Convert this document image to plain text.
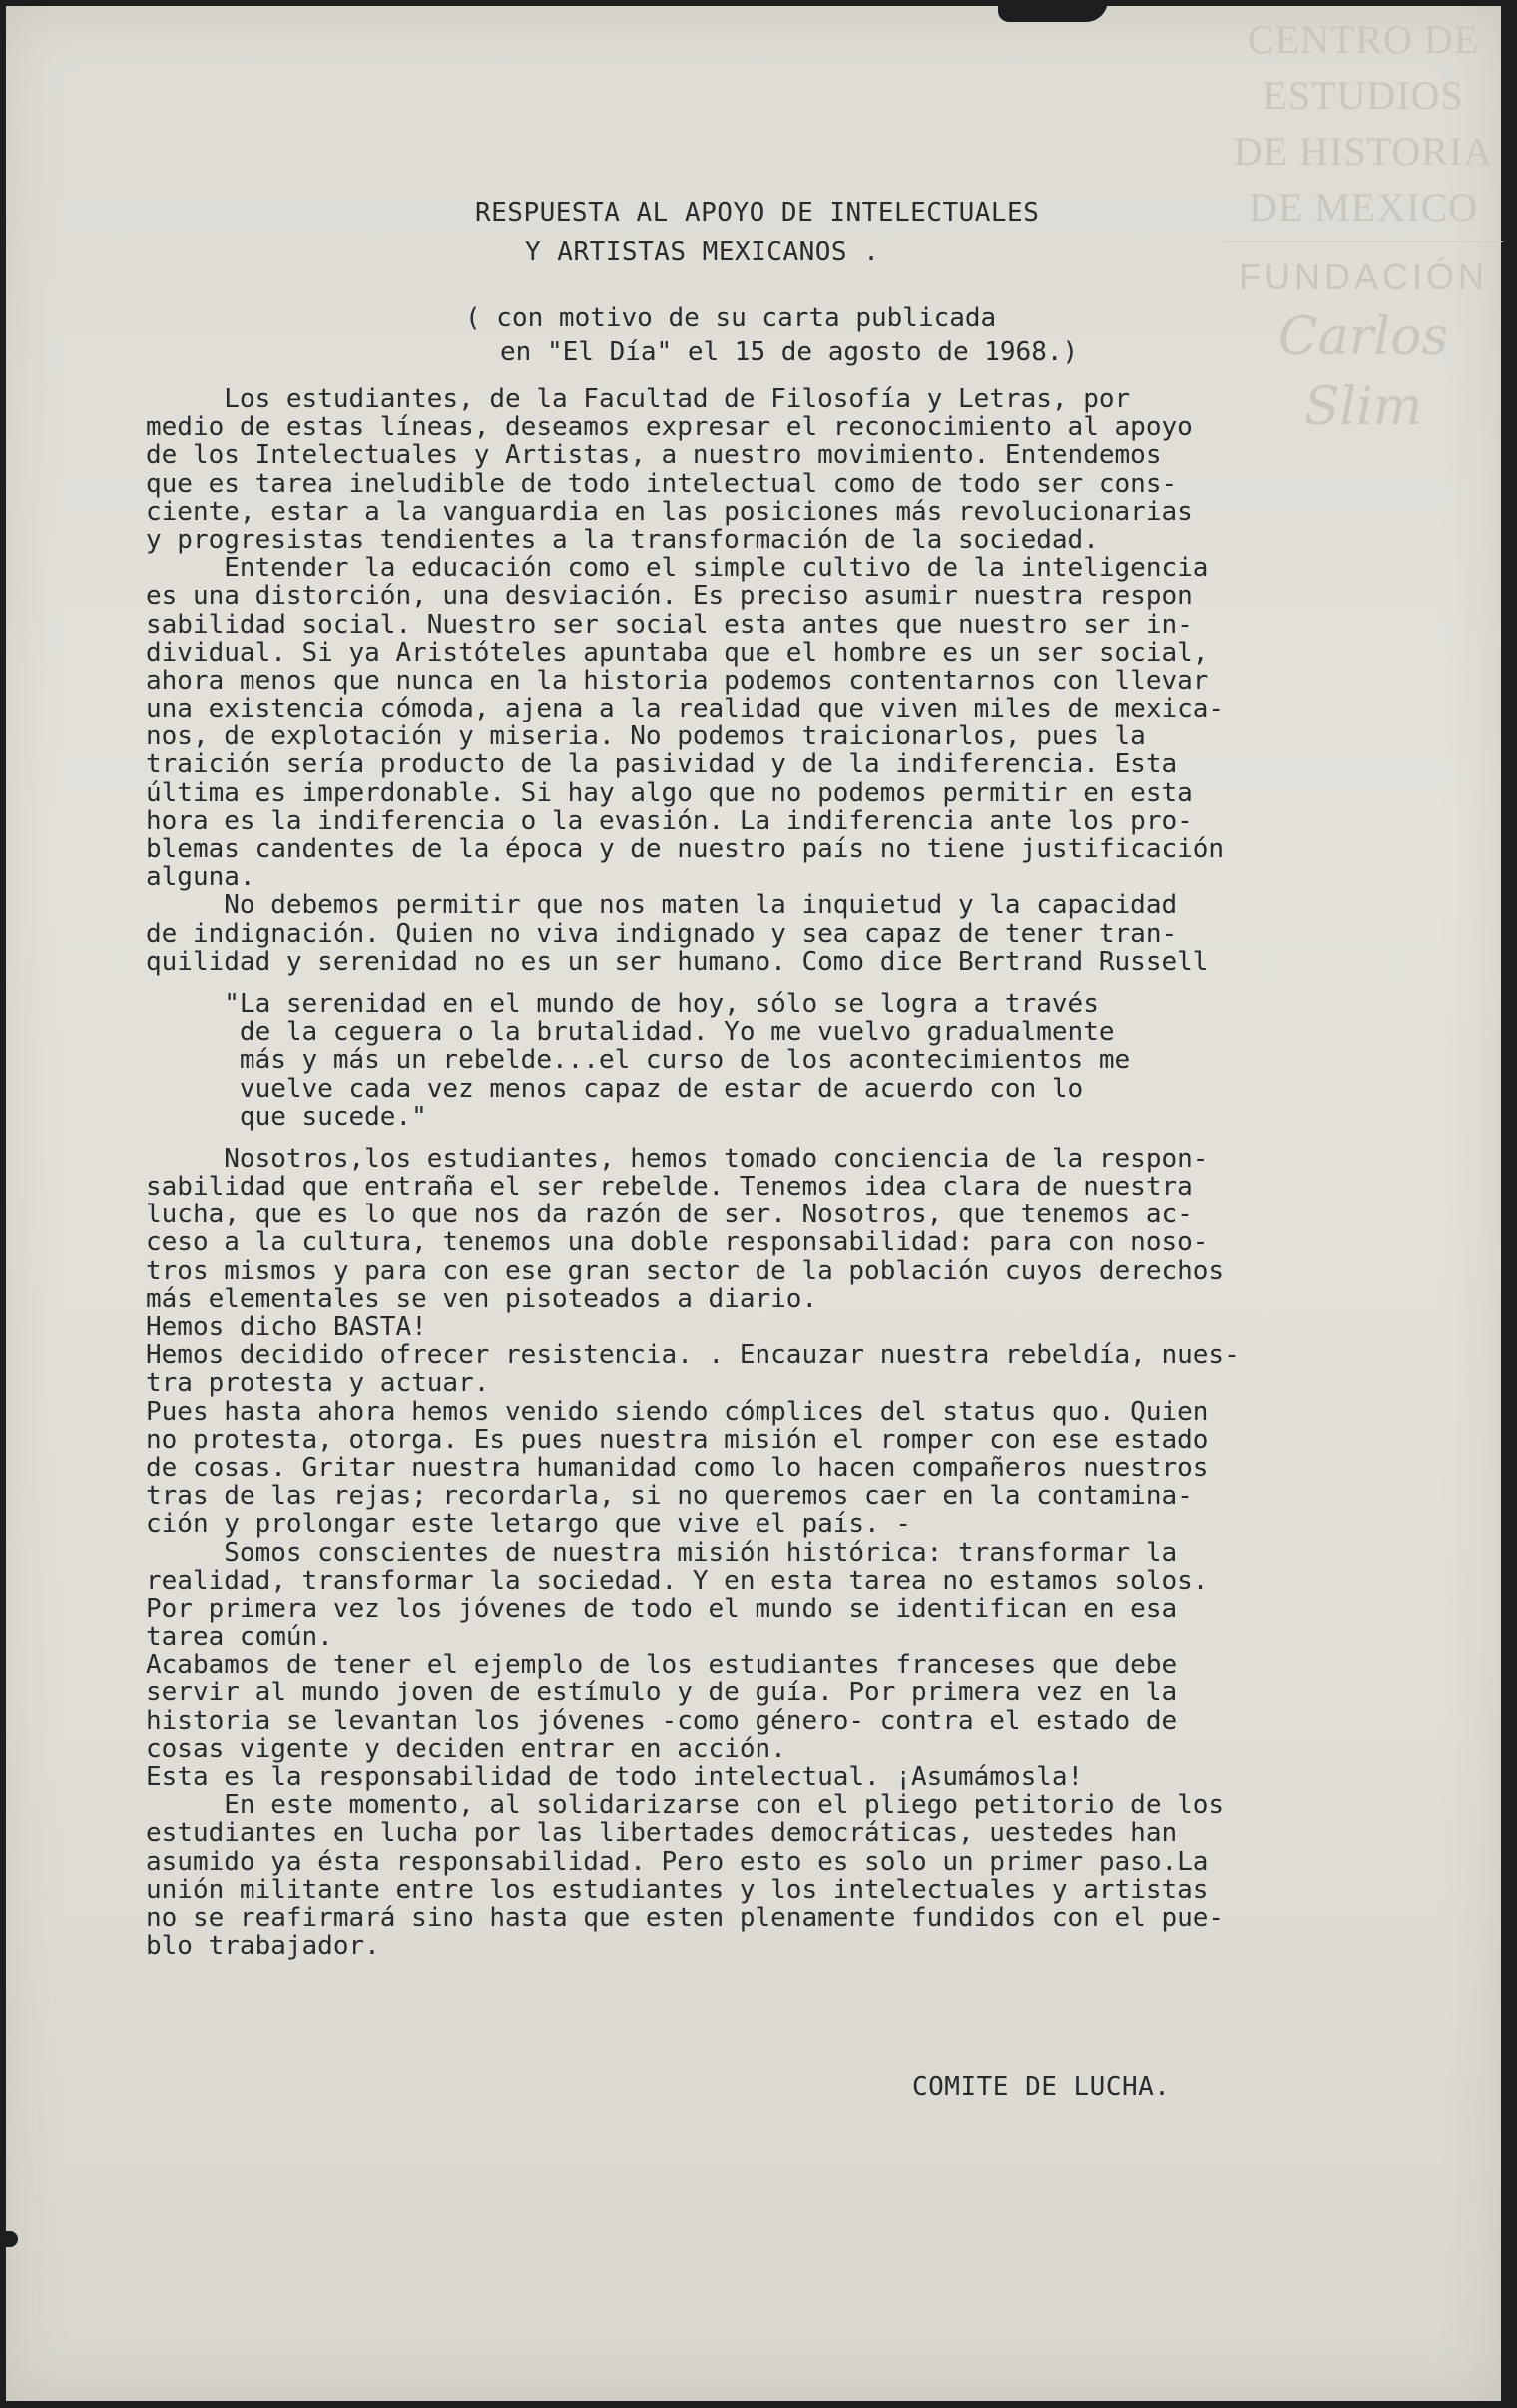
CENTRO DE
ESTUDIOS
DE HISTORIA
DE MEXICO
FUNDACIÓN
Carlos Slim

RESPUESTA AL APOYO DE INTELECTUALES

Y ARTISTAS MEXICANOS .

( con motivo de su carta publicada

en "El Día" el 15 de agosto de 1968.)

Los estudiantes, de la Facultad de Filosofía y Letras, por
medio de estas líneas, deseamos expresar el reconocimiento al apoyo
de los Intelectuales y Artistas, a nuestro movimiento. Entendemos
que es tarea ineludible de todo intelectual como de todo ser cons-
ciente, estar a la vanguardia en las posiciones más revolucionarias
y progresistas tendientes a la transformación de la sociedad.
Entender la educación como el simple cultivo de la inteligencia
es una distorción, una desviación. Es preciso asumir nuestra respon
sabilidad social. Nuestro ser social esta antes que nuestro ser in-
dividual. Si ya Aristóteles apuntaba que el hombre es un ser social,
ahora menos que nunca en la historia podemos contentarnos con llevar
una existencia cómoda, ajena a la realidad que viven miles de mexica-
nos, de explotación y miseria. No podemos traicionarlos, pues la
traición sería producto de la pasividad y de la indiferencia. Esta
última es imperdonable. Si hay algo que no podemos permitir en esta
hora es la indiferencia o la evasión. La indiferencia ante los pro-
blemas candentes de la época y de nuestro país no tiene justificación
alguna.
No debemos permitir que nos maten la inquietud y la capacidad
de indignación. Quien no viva indignado y sea capaz de tener tran-
quilidad y serenidad no es un ser humano. Como dice Bertrand Russell
"La serenidad en el mundo de hoy, sólo se logra a través
de la ceguera o la brutalidad. Yo me vuelvo gradualmente
más y más un rebelde...el curso de los acontecimientos me
vuelve cada vez menos capaz de estar de acuerdo con lo
que sucede."
Nosotros,los estudiantes, hemos tomado conciencia de la respon-
sabilidad que entraña el ser rebelde. Tenemos idea clara de nuestra
lucha, que es lo que nos da razón de ser. Nosotros, que tenemos ac-
ceso a la cultura, tenemos una doble responsabilidad: para con noso-
tros mismos y para con ese gran sector de la población cuyos derechos
más elementales se ven pisoteados a diario.
Hemos dicho BASTA!
Hemos decidido ofrecer resistencia. . Encauzar nuestra rebeldía, nues-
tra protesta y actuar.
Pues hasta ahora hemos venido siendo cómplices del status quo. Quien
no protesta, otorga. Es pues nuestra misión el romper con ese estado
de cosas. Gritar nuestra humanidad como lo hacen compañeros nuestros
tras de las rejas; recordarla, si no queremos caer en la contamina-
ción y prolongar este letargo que vive el país. -
Somos conscientes de nuestra misión histórica: transformar la
realidad, transformar la sociedad. Y en esta tarea no estamos solos.
Por primera vez los jóvenes de todo el mundo se identifican en esa
tarea común.
Acabamos de tener el ejemplo de los estudiantes franceses que debe
servir al mundo joven de estímulo y de guía. Por primera vez en la
historia se levantan los jóvenes -como género- contra el estado de
cosas vigente y deciden entrar en acción.
Esta es la responsabilidad de todo intelectual. ¡Asumámosla!
En este momento, al solidarizarse con el pliego petitorio de los
estudiantes en lucha por las libertades democráticas, uestedes han
asumido ya ésta responsabilidad. Pero esto es solo un primer paso.La
unión militante entre los estudiantes y los intelectuales y artistas
no se reafirmará sino hasta que esten plenamente fundidos con el pue-
blo trabajador.

COMITE DE LUCHA.
